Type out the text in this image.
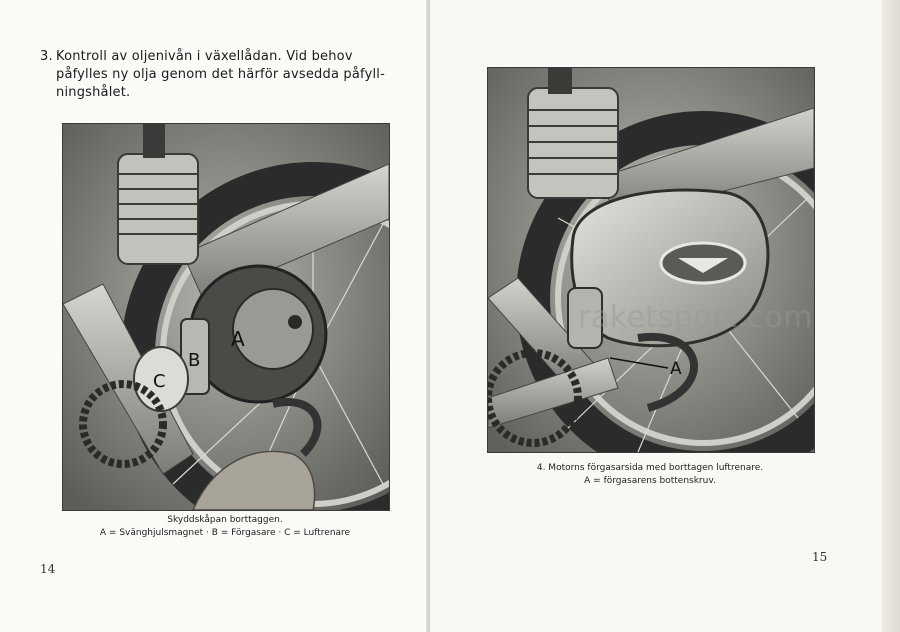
3. Kontroll av oljenivån i växellådan. Vid behov
påfylles ny olja genom det härför avsedda påfyll-
ningshålet.

A
B
C
Skyddskåpan borttaggen.
A = Svänghjulsmagnet · B = Förgasare · C = Luftrenare
14
A
4. Motorns förgasarsida med borttagen luftrenare.
A = förgasarens bottenskruv.
15
raketsport.com
